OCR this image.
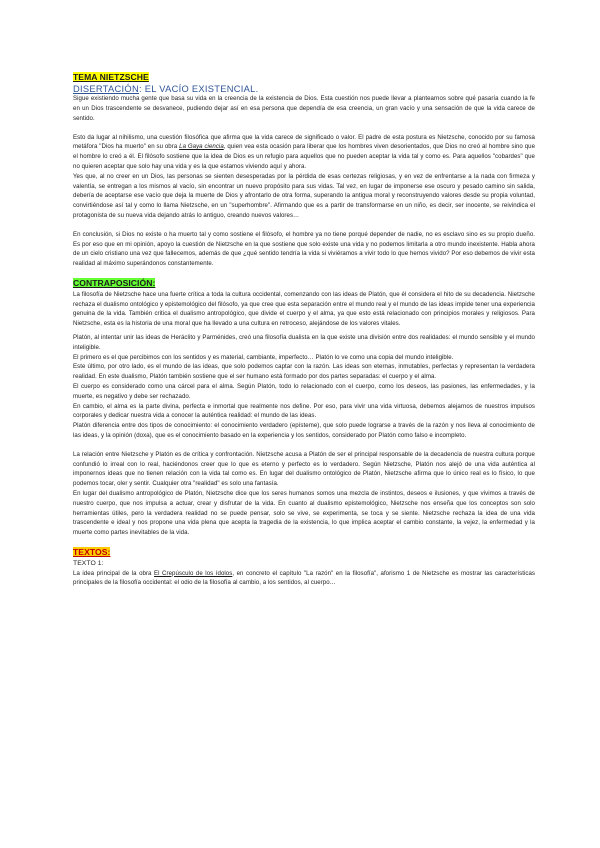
TEMA NIETZSCHE
DISERTACIÓN: EL VACÍO EXISTENCIAL.

Sigue existiendo mucha gente que basa su vida en la creencia de la existencia de Dios. Esta cuestión nos puede llevar a plantearnos sobre qué pasaría cuando la fe en un Dios trascendente se desvanece, pudiendo dejar así en esa persona que dependía de esa creencia, un gran vacío y una sensación de que la vida carece de sentido.

Esto da lugar al nihilismo, una cuestión filosófica que afirma que la vida carece de significado o valor. El padre de esta postura es Nietzsche, conocido por su famosa metáfora "Dios ha muerto" en su obra La Gaya ciencia, quien vea esta ocasión para liberar que los hombres viven desorientados, que Dios no creó al hombre sino que el hombre lo creó a él. El filósofo sostiene que la idea de Dios es un refugio para aquellos que no pueden aceptar la vida tal y como es. Para aquellos "cobardes" que no quieren aceptar que solo hay una vida y es la que estamos viviendo aquí y ahora.

Yes que, al no creer en un Dios, las personas se sienten desesperadas por la pérdida de esas certezas religiosas, y en vez de enfrentarse a la nada con firmeza y valentía, se entregan a los mismos al vacío, sin encontrar un nuevo propósito para sus vidas. Tal vez, en lugar de imponerse ese oscuro y pesado camino sin salida, debería de aceptarse ese vacío que deja la muerte de Dios y afrontarlo de otra forma, superando la antigua moral y reconstruyendo valores desde su propia voluntad, convirtiéndose así tal y como lo llama Nietzsche, en un "superhombre". Afirmando que es a partir de transformarse en un niño, es decir, ser inocente, se reivindica el protagonista de su nueva vida dejando atrás lo antiguo, creando nuevos valores…

En conclusión, si Dios no existe o ha muerto tal y como sostiene el filósofo, el hombre ya no tiene porqué depender de nadie, no es esclavo sino es su propio dueño. Es por eso que en mi opinión, apoyo la cuestión de Nietzsche en la que sostiene que solo existe una vida y no podemos limitarla a otro mundo inexistente. Habla ahora de un cielo cristiano una vez que fallecemos, además de que ¿qué sentido tendría la vida si viviéramos a vivir todo lo que hemos vivido? Por eso debemos de vivir esta realidad al máximo superándonos constantemente.

CONTRAPOSICIÓN:

La filosofía de Nietzsche hace una fuerte crítica a toda la cultura occidental, comenzando con las ideas de Platón, que él considera el hito de su decadencia. Nietzsche rechaza el dualismo ontológico y epistemológico del filósofo, ya que cree que esta separación entre el mundo real y el mundo de las ideas impide tener una experiencia genuina de la vida. También critica el dualismo antropológico, que divide el cuerpo y el alma, ya que esto está relacionado con principios morales y religiosos. Para Nietzsche, esta es la historia de una moral que ha llevado a una cultura en retroceso, alejándose de los valores vitales.

Platón, al intentar unir las ideas de Heráclito y Parménides, creó una filosofía dualista en la que existe una división entre dos realidades: el mundo sensible y el mundo inteligible.

El primero es el que percibimos con los sentidos y es material, cambiante, imperfecto… Platón lo ve como una copia del mundo inteligible.

Este último, por otro lado, es el mundo de las ideas, que solo podemos captar con la razón. Las ideas son eternas, inmutables, perfectas y representan la verdadera realidad. En este dualismo, Platón también sostiene que el ser humano está formado por dos partes separadas: el cuerpo y el alma.

El cuerpo es considerado como una cárcel para el alma. Según Platón, todo lo relacionado con el cuerpo, como los deseos, las pasiones, las enfermedades, y la muerte, es negativo y debe ser rechazado.

En cambio, el alma es la parte divina, perfecta e inmortal que realmente nos define. Por eso, para vivir una vida virtuosa, debemos alejarnos de nuestros impulsos corporales y dedicar nuestra vida a conocer la auténtica realidad: el mundo de las ideas.

Platón diferencia entre dos tipos de conocimiento: el conocimiento verdadero (epísteme), que solo puede lograrse a través de la razón y nos lleva al conocimiento de las ideas, y la opinión (doxa), que es el conocimiento basado en la experiencia y los sentidos, considerado por Platón como falso e incompleto.

La relación entre Nietzsche y Platón es de crítica y confrontación. Nietzsche acusa a Platón de ser el principal responsable de la decadencia de nuestra cultura porque confundió lo irreal con lo real, haciéndonos creer que lo que es eterno y perfecto es lo verdadero. Según Nietzsche, Platón nos alejó de una vida auténtica al imponernos ideas que no tienen relación con la vida tal como es. En lugar del dualismo ontológico de Platón, Nietzsche afirma que lo único real es lo físico, lo que podemos tocar, oler y sentir. Cualquier otra "realidad" es solo una fantasía.

En lugar del dualismo antropológico de Platón, Nietzsche dice que los seres humanos somos una mezcla de instintos, deseos e ilusiones, y que vivimos a través de nuestro cuerpo, que nos impulsa a actuar, crear y disfrutar de la vida. En cuanto al dualismo epistemológico, Nietzsche nos enseña que los conceptos son solo herramientas útiles, pero la verdadera realidad no se puede pensar, solo se vive, se experimenta, se toca y se siente. Nietzsche rechaza la idea de una vida trascendente e ideal y nos propone una vida plena que acepta la tragedia de la existencia, lo que implica aceptar el cambio constante, la vejez, la enfermedad y la muerte como partes inevitables de la vida.

TEXTOS:
TEXTO 1:

La idea principal de la obra El Crepúsculo de los ídolos, en concreto el capítulo "La razón" en la filosofía", aforismo 1 de Nietzsche es mostrar las características principales de la filosofía occidental: el odio de la filosofía al cambio, a los sentidos, al cuerpo…
